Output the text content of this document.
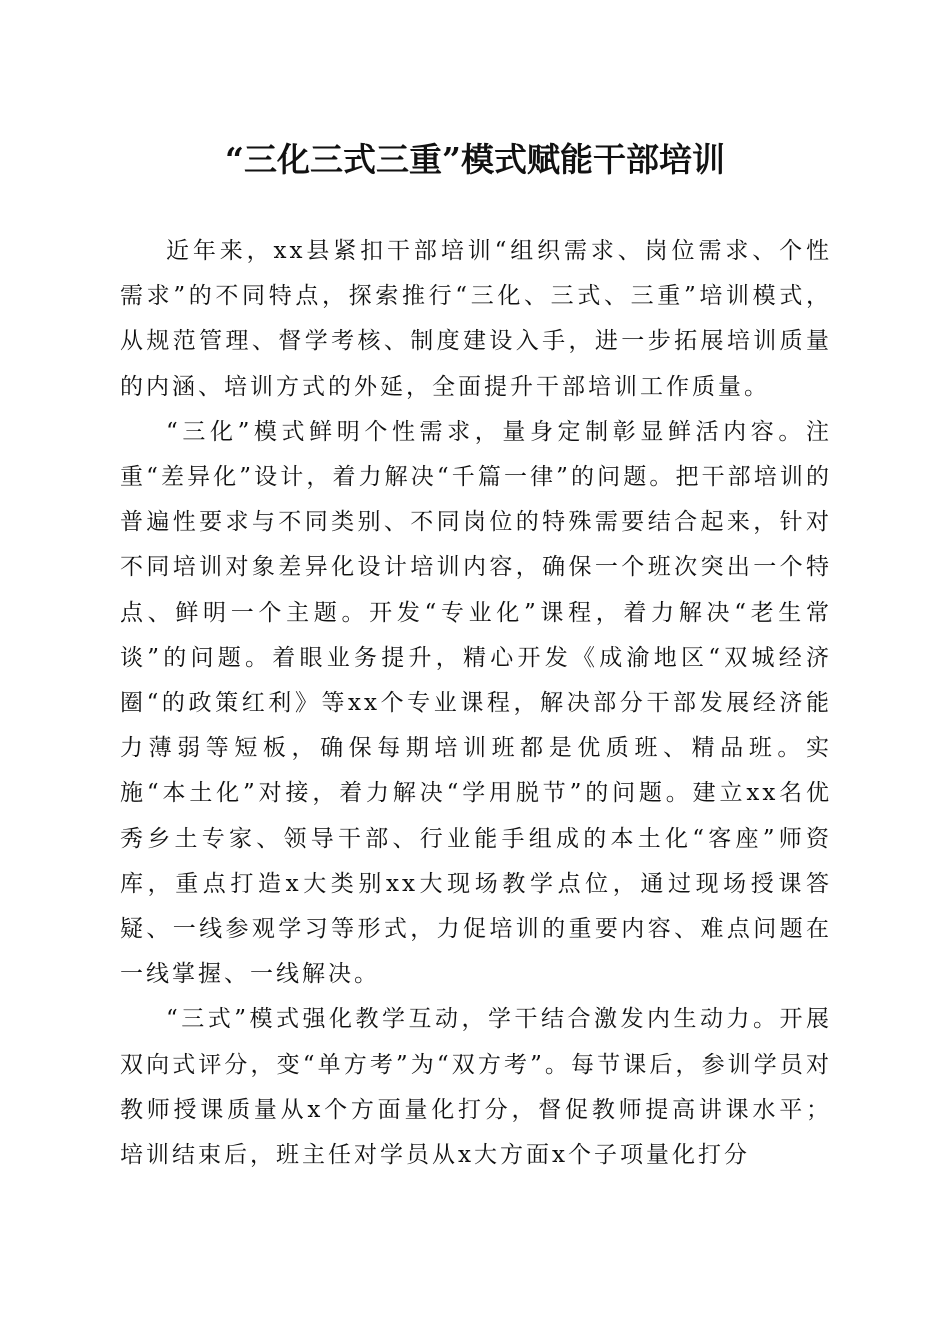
“三化三式三重”模式赋能干部培训

近年来，xx县紧扣干部培训“组织需求、岗位需求、个性需求”的不同特点，探索推行“三化、三式、三重”培训模式，从规范管理、督学考核、制度建设入手，进一步拓展培训质量的内涵、培训方式的外延，全面提升干部培训工作质量。

“三化”模式鲜明个性需求，量身定制彰显鲜活内容。注重“差异化”设计，着力解决“千篇一律”的问题。把干部培训的普遍性要求与不同类别、不同岗位的特殊需要结合起来，针对不同培训对象差异化设计培训内容，确保一个班次突出一个特点、鲜明一个主题。开发“专业化”课程，着力解决“老生常谈”的问题。着眼业务提升，精心开发《成渝地区“双城经济圈“的政策红利》等xx个专业课程，解决部分干部发展经济能力薄弱等短板，确保每期培训班都是优质班、精品班。实施“本土化”对接，着力解决“学用脱节”的问题。建立xx名优秀乡土专家、领导干部、行业能手组成的本土化“客座”师资库，重点打造x大类别xx大现场教学点位，通过现场授课答疑、一线参观学习等形式，力促培训的重要内容、难点问题在一线掌握、一线解决。

“三式”模式强化教学互动，学干结合激发内生动力。开展双向式评分，变“单方考”为“双方考”。每节课后，参训学员对教师授课质量从x个方面量化打分，督促教师提高讲课水平；培训结束后，班主任对学员从x大方面x个子项量化打分
